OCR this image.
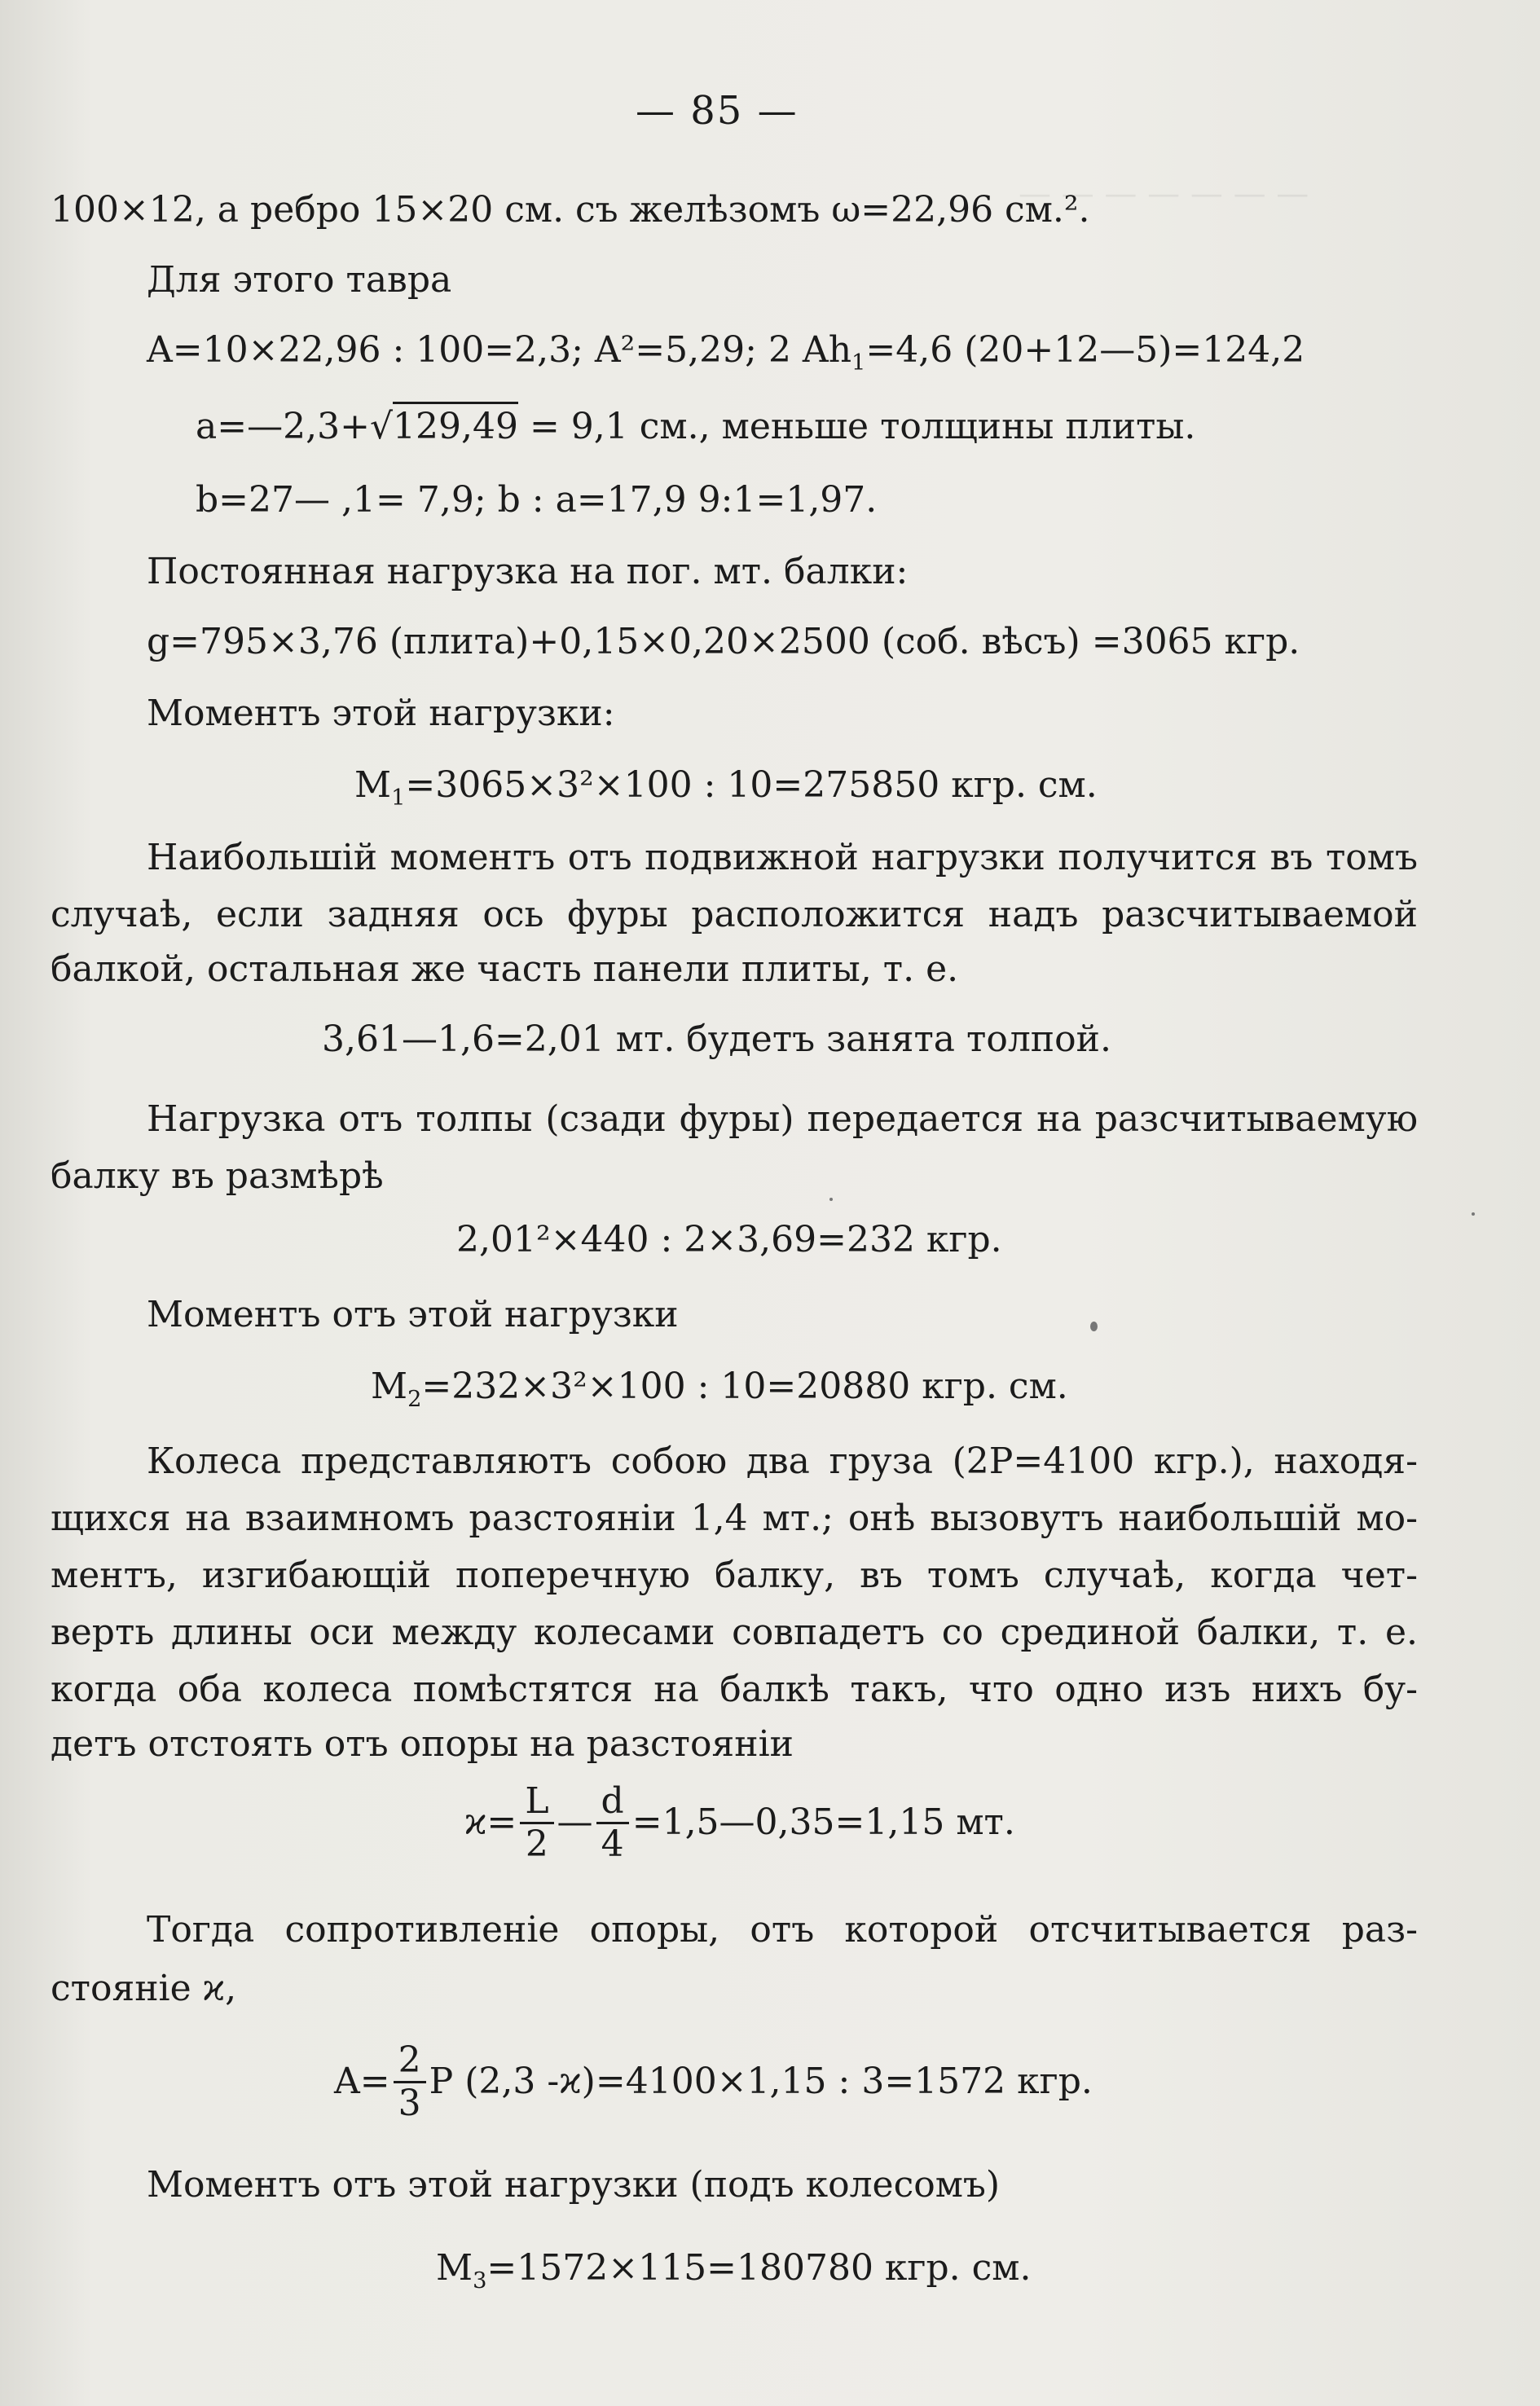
— — — — — — —
— 85 —
100×12, а ребро 15×20 см. съ желѣзомъ ω=22,96 см.².
Для этого тавра
A=10×22,96 : 100=2,3; A²=5,29; 2 $Ah_1=4,6$ (20+12—5)=124,2
a=—2,3+√129,49 = 9,1 см., меньше толщины плиты.
b=27— ,1= 7,9; b : a=17,9 9:1=1,97.
Постоянная нагрузка на пог. мт. балки:
g=795×3,76 (плита)+0,15×0,20×2500 (соб. вѣсъ) =3065 кгр.
Моментъ этой нагрузки:
$M_1=3065\times 3^2\times 100$ : 10=275850 кгр. см.
Наибольшій моментъ отъ подвижной нагрузки получится въ томъ
случаѣ, если задняя ось фуры расположится надъ разсчитываемой
балкой, остальная же часть панели плиты, т. е.
3,61—1,6=2,01 мт. будетъ занята толпой.
Нагрузка отъ толпы (сзади фуры) передается на разсчитываемую
балку въ размѣрѣ
2,01²×440 : 2×3,69=232 кгр.
Моментъ отъ этой нагрузки
$M_2=232\times 3^2\times 100$ : 10=20880 кгр. см.
Колеса представляютъ собою два груза (2P=4100 кгр.), находя-
щихся на взаимномъ разстояніи 1,4 мт.; онѣ вызовутъ наибольшій мо-
ментъ, изгибающій поперечную балку, въ томъ случаѣ, когда чет-
верть длины оси между колесами совпадетъ со срединой балки, т. е.
когда оба колеса помѣстятся на балкѣ такъ, что одно изъ нихъ бу-
детъ отстоять отъ опоры на разстояніи
$ϰ= \frac{L}{2}$ — $\frac{d}{4}$ =1,5—0,35=1,15 мт.
Тогда сопротивленіе опоры, отъ которой отсчитывается раз-
стояніе ϰ,
$A= \frac{2}{3}$ P (2,3 -ϰ)=4100×1,15 : 3=1572 кгр.
Моментъ отъ этой нагрузки (подъ колесомъ)
$M_3=1572\times 115=180780$ кгр. см.
